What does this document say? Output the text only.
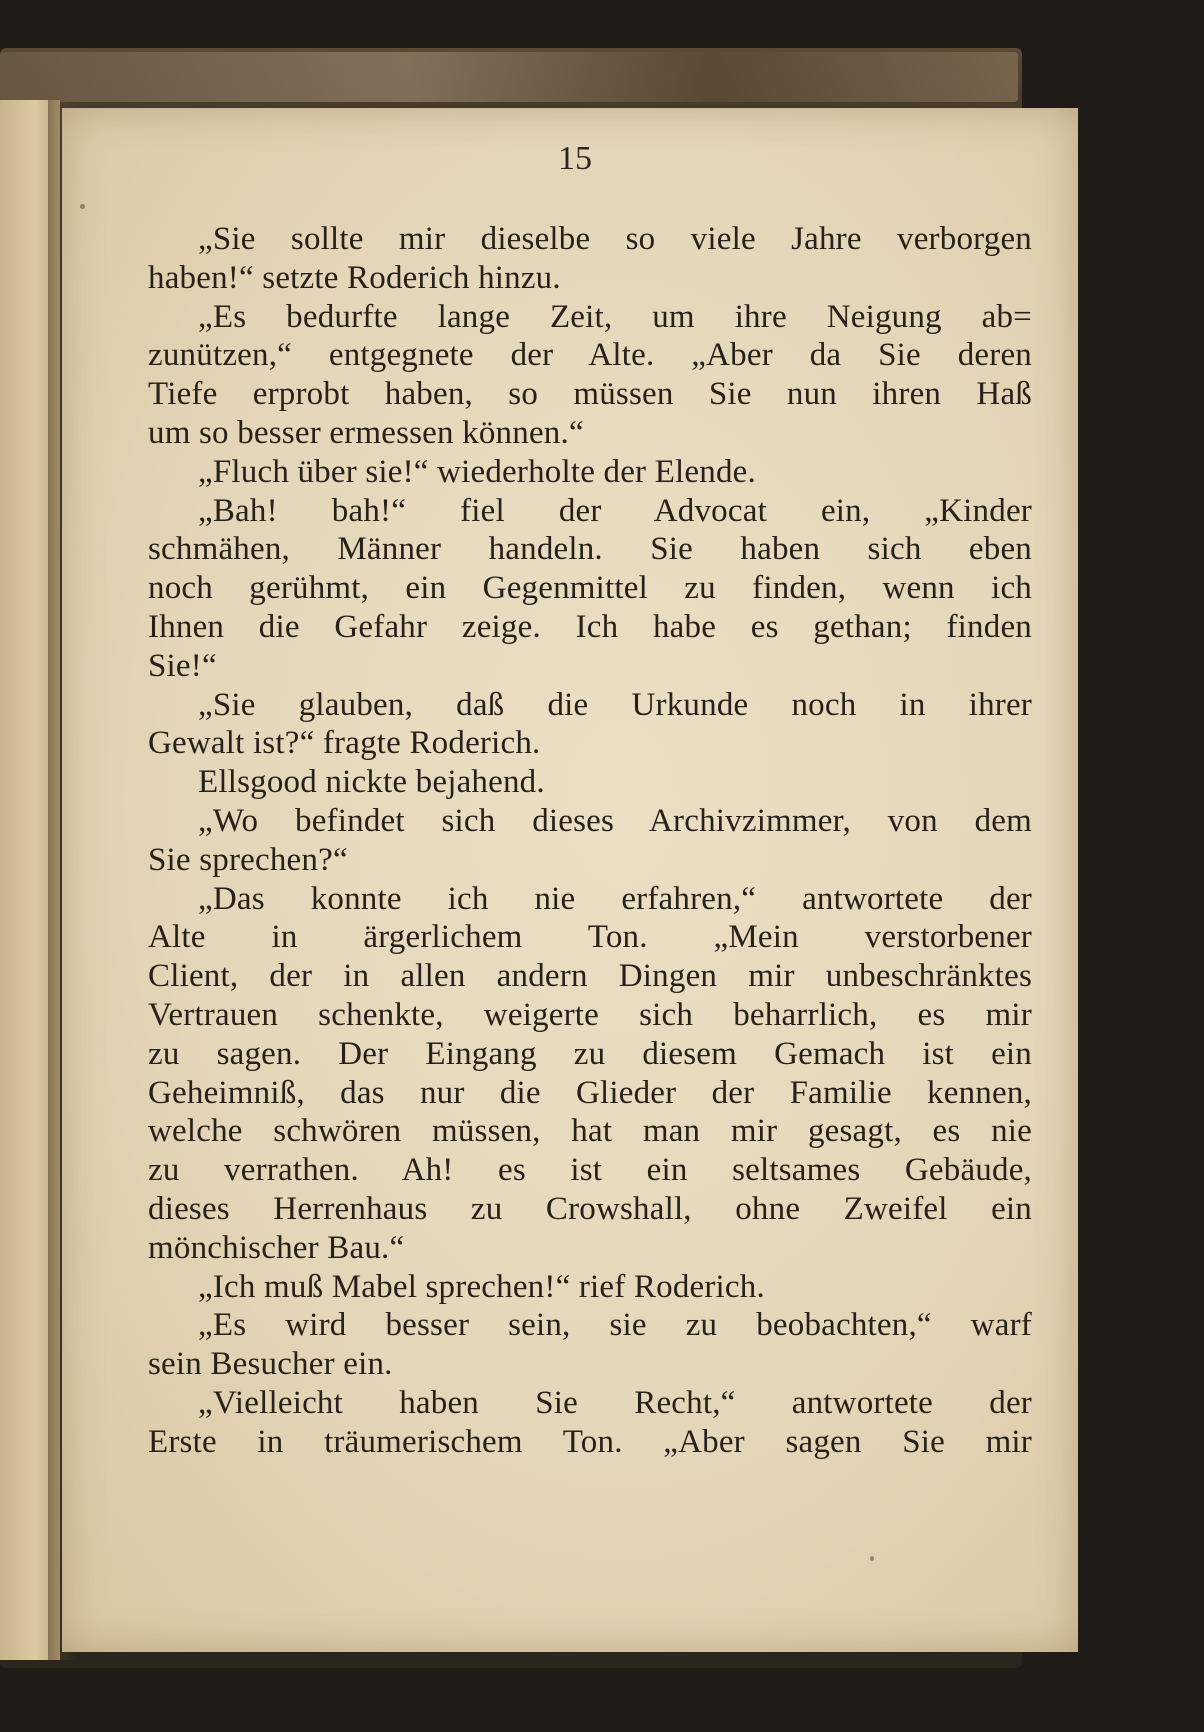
15
„Sie sollte mir dieselbe so viele Jahre verborgen
haben!“ setzte Roderich hinzu.
„Es bedurfte lange Zeit, um ihre Neigung ab=
zunützen,“ entgegnete der Alte. „Aber da Sie deren
Tiefe erprobt haben, so müssen Sie nun ihren Haß
um so besser ermessen können.“
„Fluch über sie!“ wiederholte der Elende.
„Bah! bah!“ fiel der Advocat ein, „Kinder
schmähen, Männer handeln. Sie haben sich eben
noch gerühmt, ein Gegenmittel zu finden, wenn ich
Ihnen die Gefahr zeige. Ich habe es gethan; finden
Sie!“
„Sie glauben, daß die Urkunde noch in ihrer
Gewalt ist?“ fragte Roderich.
Ellsgood nickte bejahend.
„Wo befindet sich dieses Archivzimmer, von dem
Sie sprechen?“
„Das konnte ich nie erfahren,“ antwortete der
Alte in ärgerlichem Ton. „Mein verstorbener
Client, der in allen andern Dingen mir unbeschränktes
Vertrauen schenkte, weigerte sich beharrlich, es mir
zu sagen. Der Eingang zu diesem Gemach ist ein
Geheimniß, das nur die Glieder der Familie kennen,
welche schwören müssen, hat man mir gesagt, es nie
zu verrathen. Ah! es ist ein seltsames Gebäude,
dieses Herrenhaus zu Crowshall, ohne Zweifel ein
mönchischer Bau.“
„Ich muß Mabel sprechen!“ rief Roderich.
„Es wird besser sein, sie zu beobachten,“ warf
sein Besucher ein.
„Vielleicht haben Sie Recht,“ antwortete der
Erste in träumerischem Ton. „Aber sagen Sie mir
